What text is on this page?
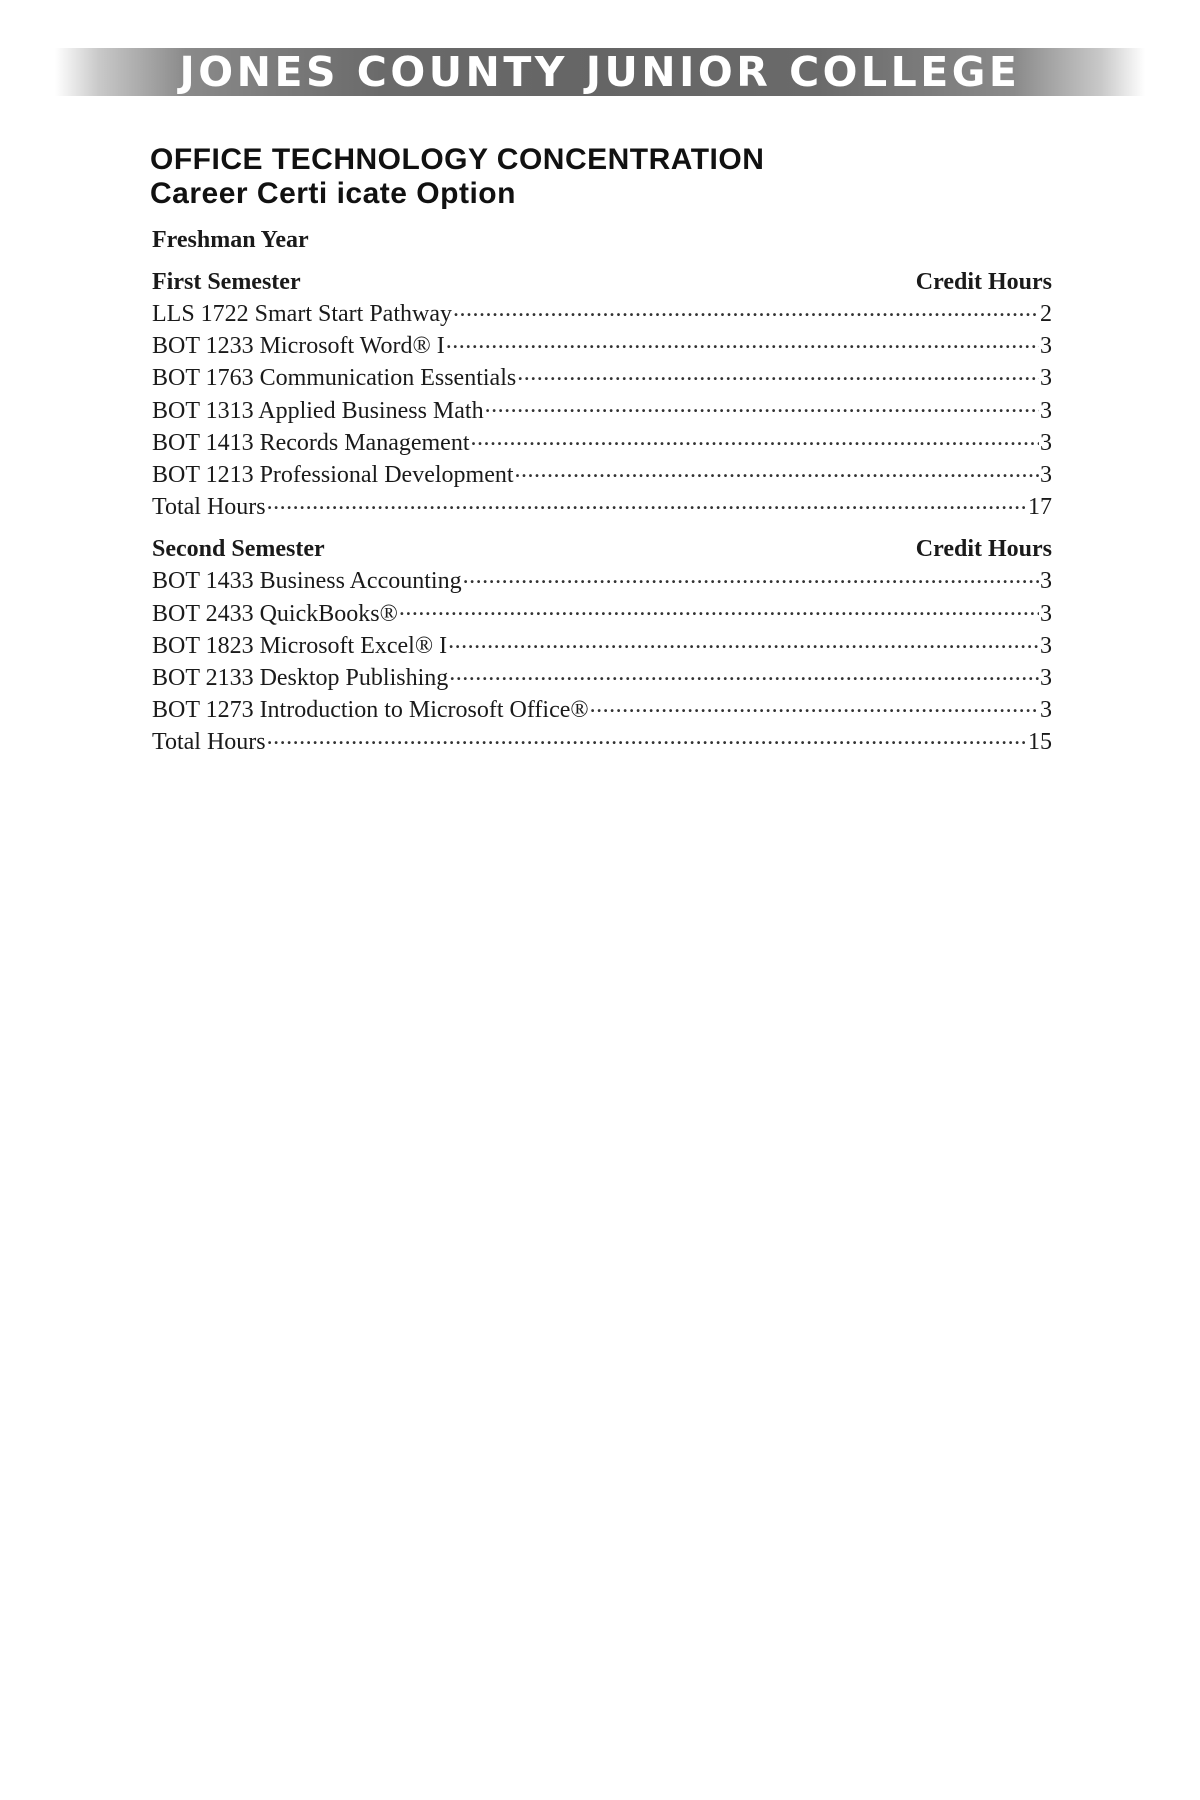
JONES COUNTY JUNIOR COLLEGE
OFFICE TECHNOLOGY CONCENTRATION
Career Certi icate Option
Freshman Year
First Semester	Credit Hours
LLS 1722 Smart Start Pathway .....	2
BOT 1233 Microsoft Word® I .....	3
BOT 1763 Communication Essentials .....	3
BOT 1313 Applied Business Math .....	3
BOT 1413 Records Management .....	3
BOT 1213 Professional Development .....	3
Total Hours .....	17
Second Semester	Credit Hours
BOT 1433 Business Accounting .....	3
BOT 2433 QuickBooks® .....	3
BOT 1823 Microsoft Excel® I .....	3
BOT 2133 Desktop Publishing .....	3
BOT 1273 Introduction to Microsoft Office® .....	3
Total Hours .....	15
